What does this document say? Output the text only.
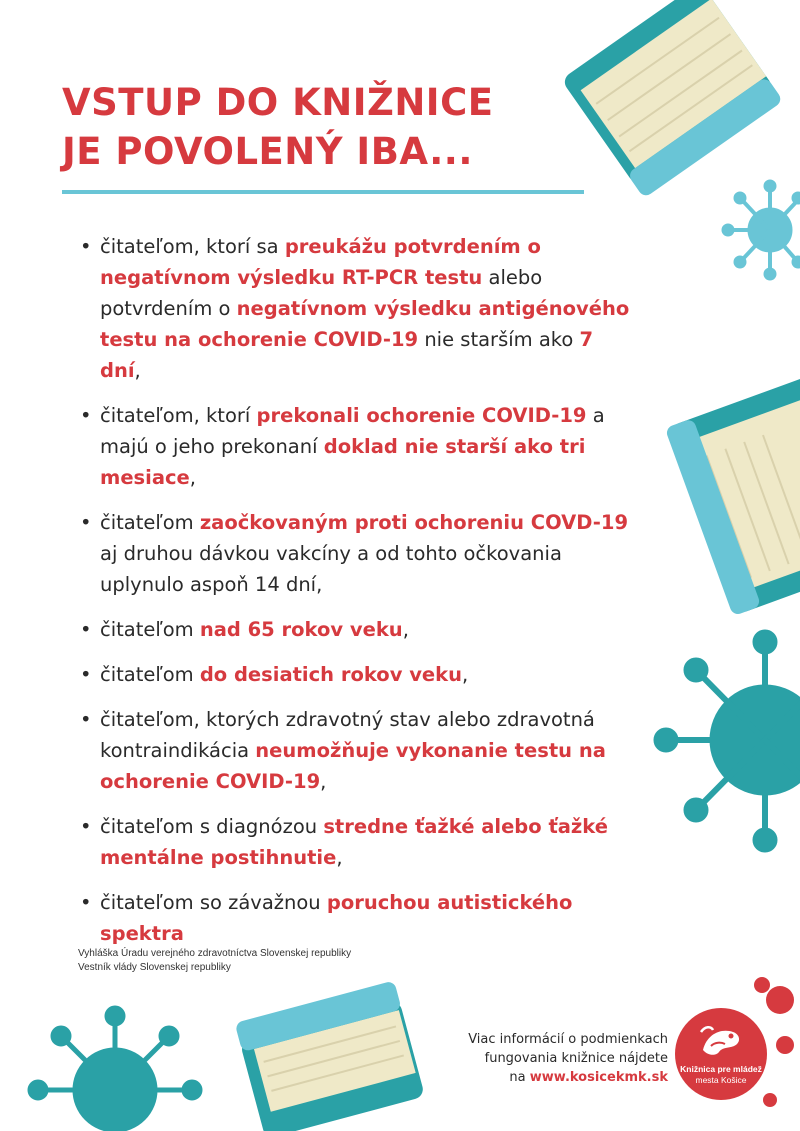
VSTUP DO KNIŽNICE
JE POVOLENÝ IBA...
• čitateľom, ktorí sa preukážu potvrdením o negatívnom výsledku RT-PCR testu alebo potvrdením o negatívnom výsledku antigénového testu na ochorenie COVID-19 nie starším ako 7 dní,
• čitateľom, ktorí prekonali ochorenie COVID-19 a majú o jeho prekonaní doklad nie starší ako tri mesiace,
• čitateľom zaočkovaným proti ochoreniu COVD-19 aj druhou dávkou vakcíny a od tohto očkovania uplynulo aspoň 14 dní,
• čitateľom nad 65 rokov veku,
• čitateľom do desiatich rokov veku,
• čitateľom, ktorých zdravotný stav alebo zdravotná kontraindikácia neumožňuje vykonanie testu na ochorenie COVID-19,
• čitateľom s diagnózou stredne ťažké alebo ťažké mentálne postihnutie,
• čitateľom so závažnou poruchou autistického spektra
Vyhláška Úradu verejného zdravotníctva Slovenskej republiky
Vestník vlády Slovenskej republiky
Viac informácií o podmienkach
fungovania knižnice nájdete
na www.kosicekmk.sk
Knižnica pre mládež
mesta Košice
